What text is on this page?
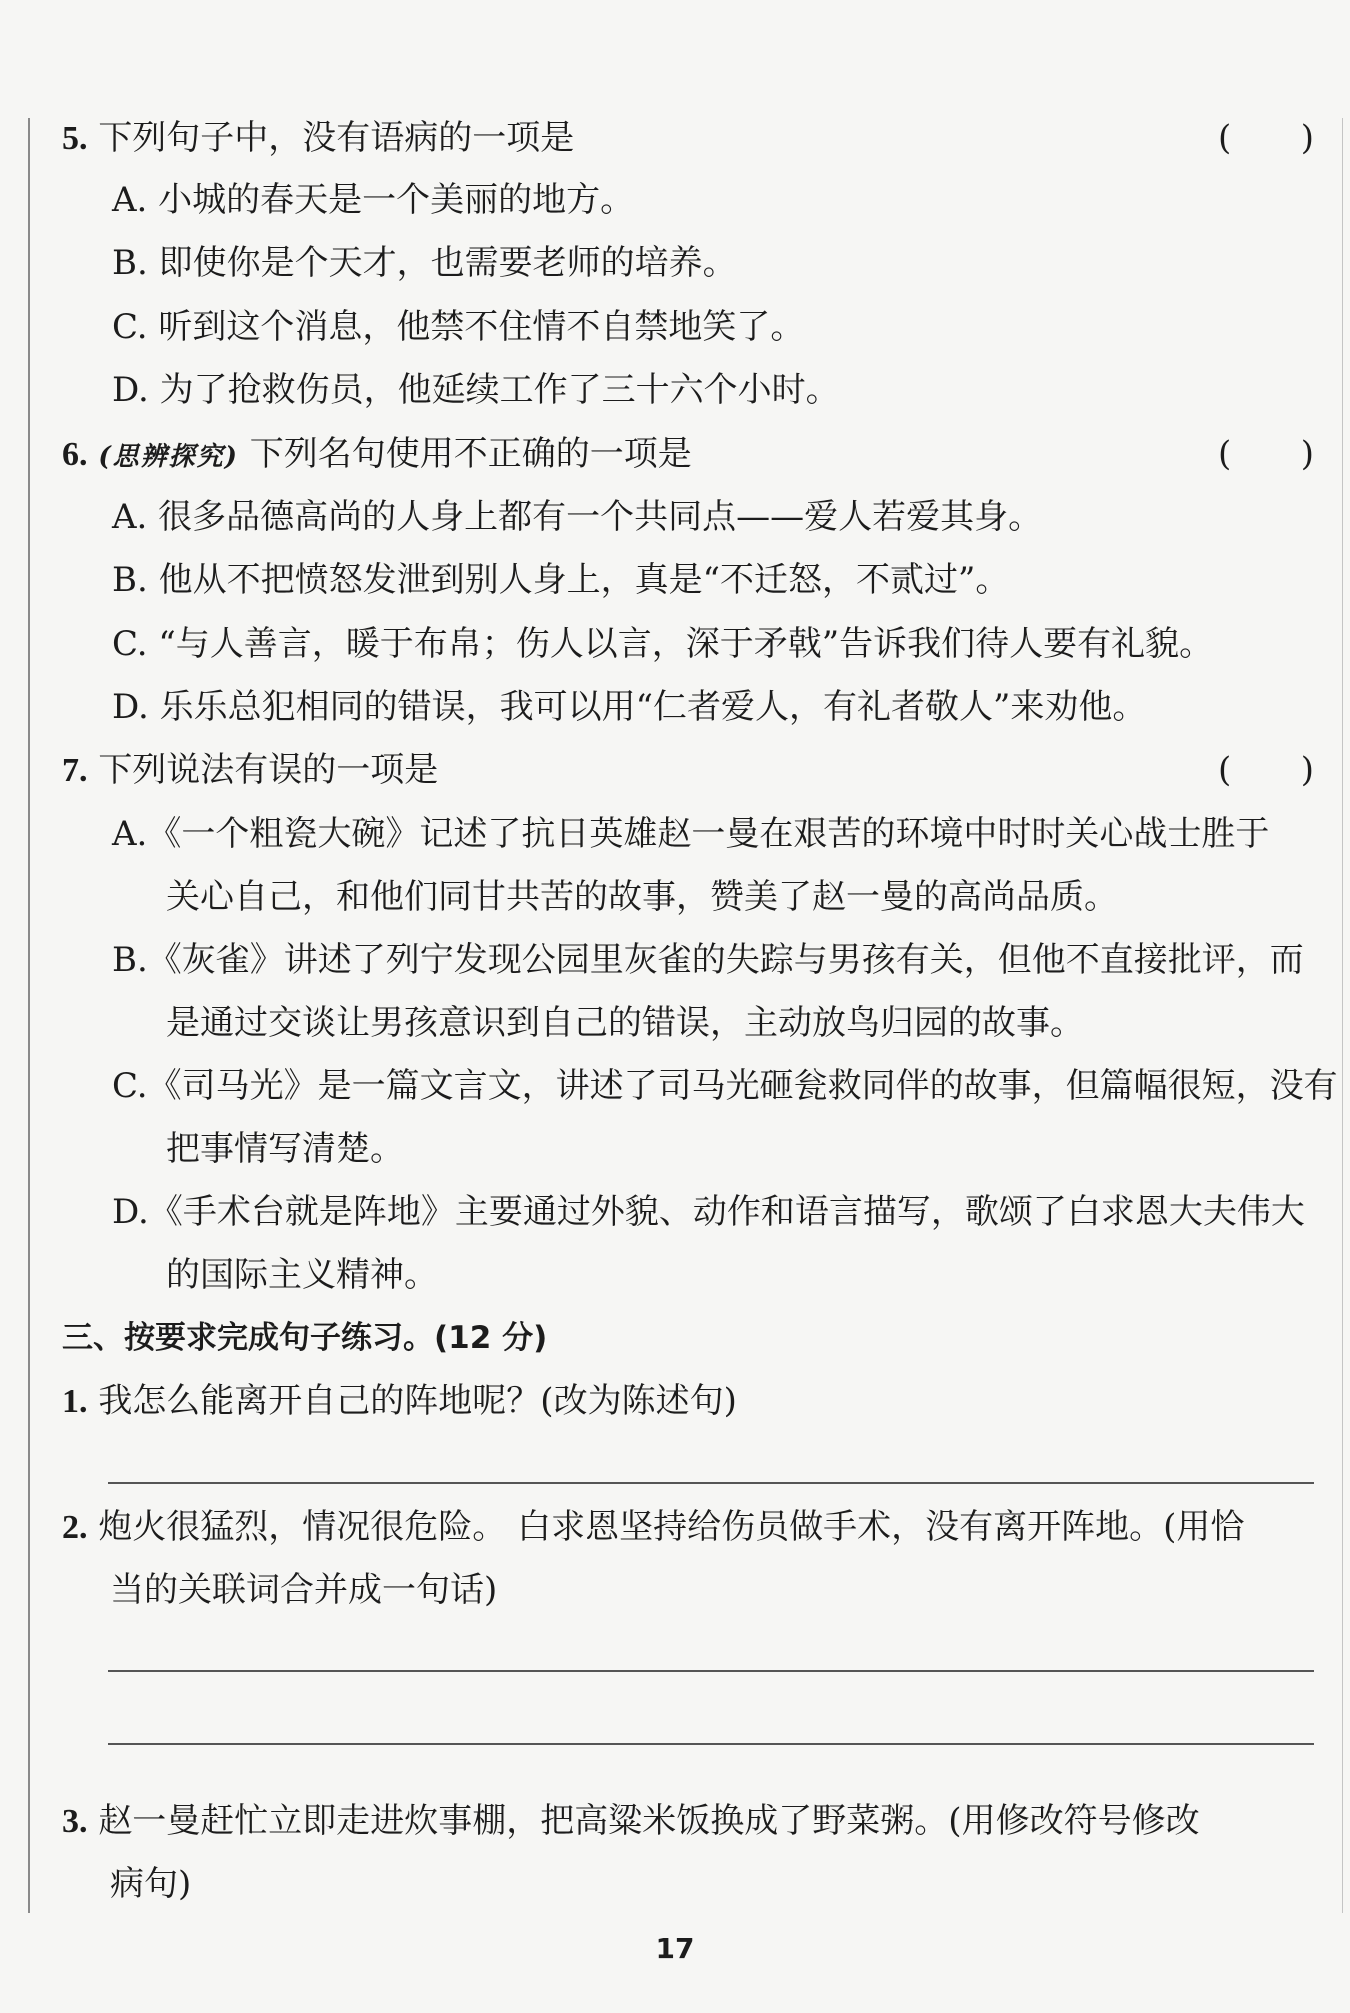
5. 下列句子中，没有语病的一项是	( )
A. 小城的春天是一个美丽的地方。
B. 即使你是个天才，也需要老师的培养。
C. 听到这个消息，他禁不住情不自禁地笑了。
D. 为了抢救伤员，他延续工作了三十六个小时。
6. (思辨探究) 下列名句使用不正确的一项是	( )
A. 很多品德高尚的人身上都有一个共同点——爱人若爱其身。
B. 他从不把愤怒发泄到别人身上，真是“不迁怒，不贰过”。
C. “与人善言，暖于布帛；伤人以言，深于矛戟”告诉我们待人要有礼貌。
D. 乐乐总犯相同的错误，我可以用“仁者爱人，有礼者敬人”来劝他。
7. 下列说法有误的一项是	( )
A.《一个粗瓷大碗》记述了抗日英雄赵一曼在艰苦的环境中时时关心战士胜于
关心自己，和他们同甘共苦的故事，赞美了赵一曼的高尚品质。
B.《灰雀》讲述了列宁发现公园里灰雀的失踪与男孩有关，但他不直接批评，而
是通过交谈让男孩意识到自己的错误，主动放鸟归园的故事。
C.《司马光》是一篇文言文，讲述了司马光砸瓮救同伴的故事，但篇幅很短，没有
把事情写清楚。
D.《手术台就是阵地》主要通过外貌、动作和语言描写，歌颂了白求恩大夫伟大
的国际主义精神。
三、按要求完成句子练习。(12 分)
1. 我怎么能离开自己的阵地呢？(改为陈述句)
2. 炮火很猛烈，情况很危险。 白求恩坚持给伤员做手术，没有离开阵地。(用恰
当的关联词合并成一句话)
3. 赵一曼赶忙立即走进炊事棚，把高粱米饭换成了野菜粥。(用修改符号修改
病句)
17
